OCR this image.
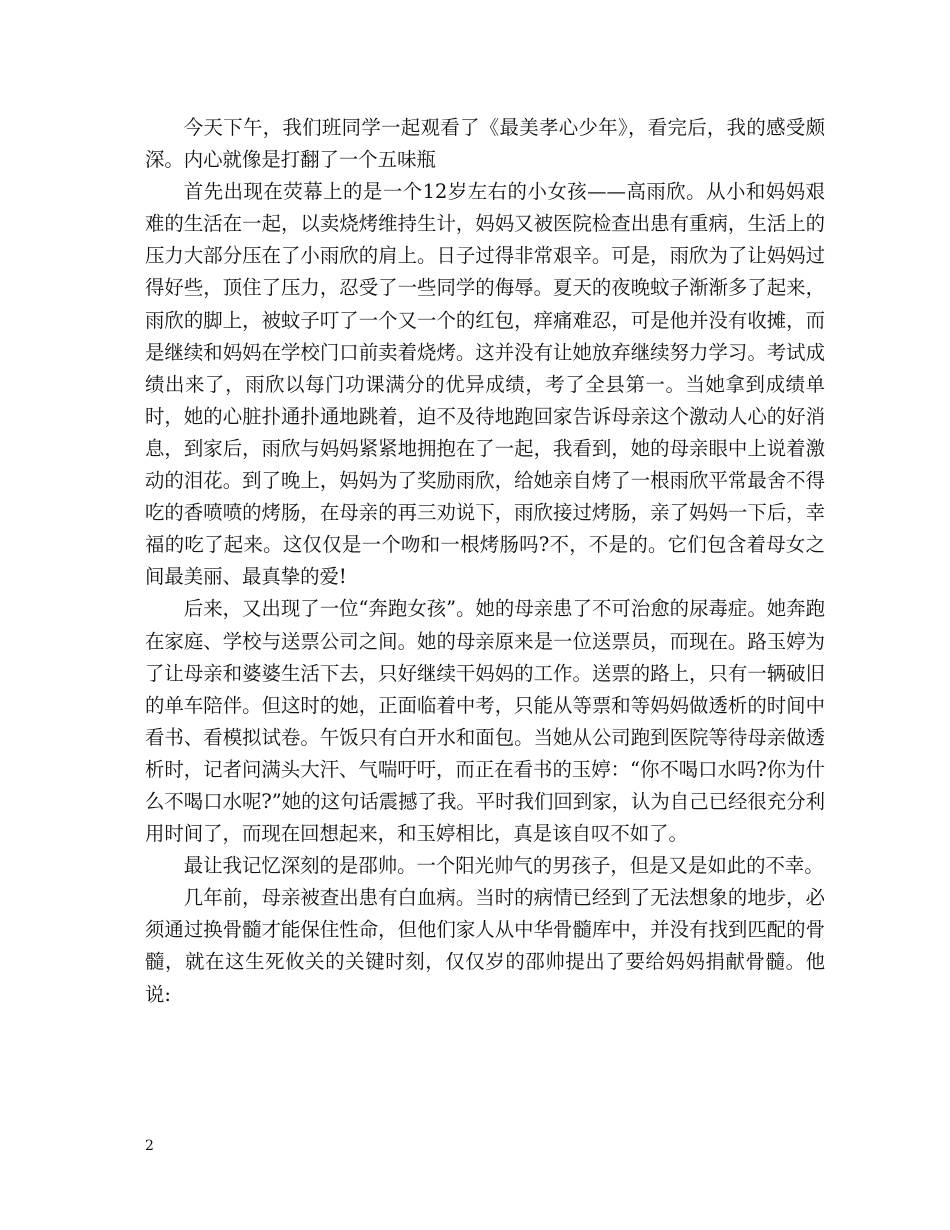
今天下午，我们班同学一起观看了《最美孝心少年》，看完后，我的感受颇深。内心就像是打翻了一个五味瓶

首先出现在荧幕上的是一个12岁左右的小女孩——高雨欣。从小和妈妈艰难的生活在一起，以卖烧烤维持生计，妈妈又被医院检查出患有重病，生活上的压力大部分压在了小雨欣的肩上。日子过得非常艰辛。可是，雨欣为了让妈妈过得好些，顶住了压力，忍受了一些同学的侮辱。夏天的夜晚蚊子渐渐多了起来，雨欣的脚上，被蚊子叮了一个又一个的红包，痒痛难忍，可是他并没有收摊，而是继续和妈妈在学校门口前卖着烧烤。这并没有让她放弃继续努力学习。考试成绩出来了，雨欣以每门功课满分的优异成绩，考了全县第一。当她拿到成绩单时，她的心脏扑通扑通地跳着，迫不及待地跑回家告诉母亲这个激动人心的好消息，到家后，雨欣与妈妈紧紧地拥抱在了一起，我看到，她的母亲眼中上说着激动的泪花。到了晚上，妈妈为了奖励雨欣，给她亲自烤了一根雨欣平常最舍不得吃的香喷喷的烤肠，在母亲的再三劝说下，雨欣接过烤肠，亲了妈妈一下后，幸福的吃了起来。这仅仅是一个吻和一根烤肠吗?不，不是的。它们包含着母女之间最美丽、最真挚的爱!

后来，又出现了一位“奔跑女孩”。她的母亲患了不可治愈的尿毒症。她奔跑在家庭、学校与送票公司之间。她的母亲原来是一位送票员，而现在。路玉婷为了让母亲和婆婆生活下去，只好继续干妈妈的工作。送票的路上，只有一辆破旧的单车陪伴。但这时的她，正面临着中考，只能从等票和等妈妈做透析的时间中看书、看模拟试卷。午饭只有白开水和面包。当她从公司跑到医院等待母亲做透析时，记者问满头大汗、气喘吁吁，而正在看书的玉婷：“你不喝口水吗?你为什么不喝口水呢?”她的这句话震撼了我。平时我们回到家，认为自己已经很充分利用时间了，而现在回想起来，和玉婷相比，真是该自叹不如了。

最让我记忆深刻的是邵帅。一个阳光帅气的男孩子，但是又是如此的不幸。

几年前，母亲被查出患有白血病。当时的病情已经到了无法想象的地步，必须通过换骨髓才能保住性命，但他们家人从中华骨髓库中，并没有找到匹配的骨髓，就在这生死攸关的关键时刻，仅仅岁的邵帅提出了要给妈妈捐献骨髓。他说:

2
